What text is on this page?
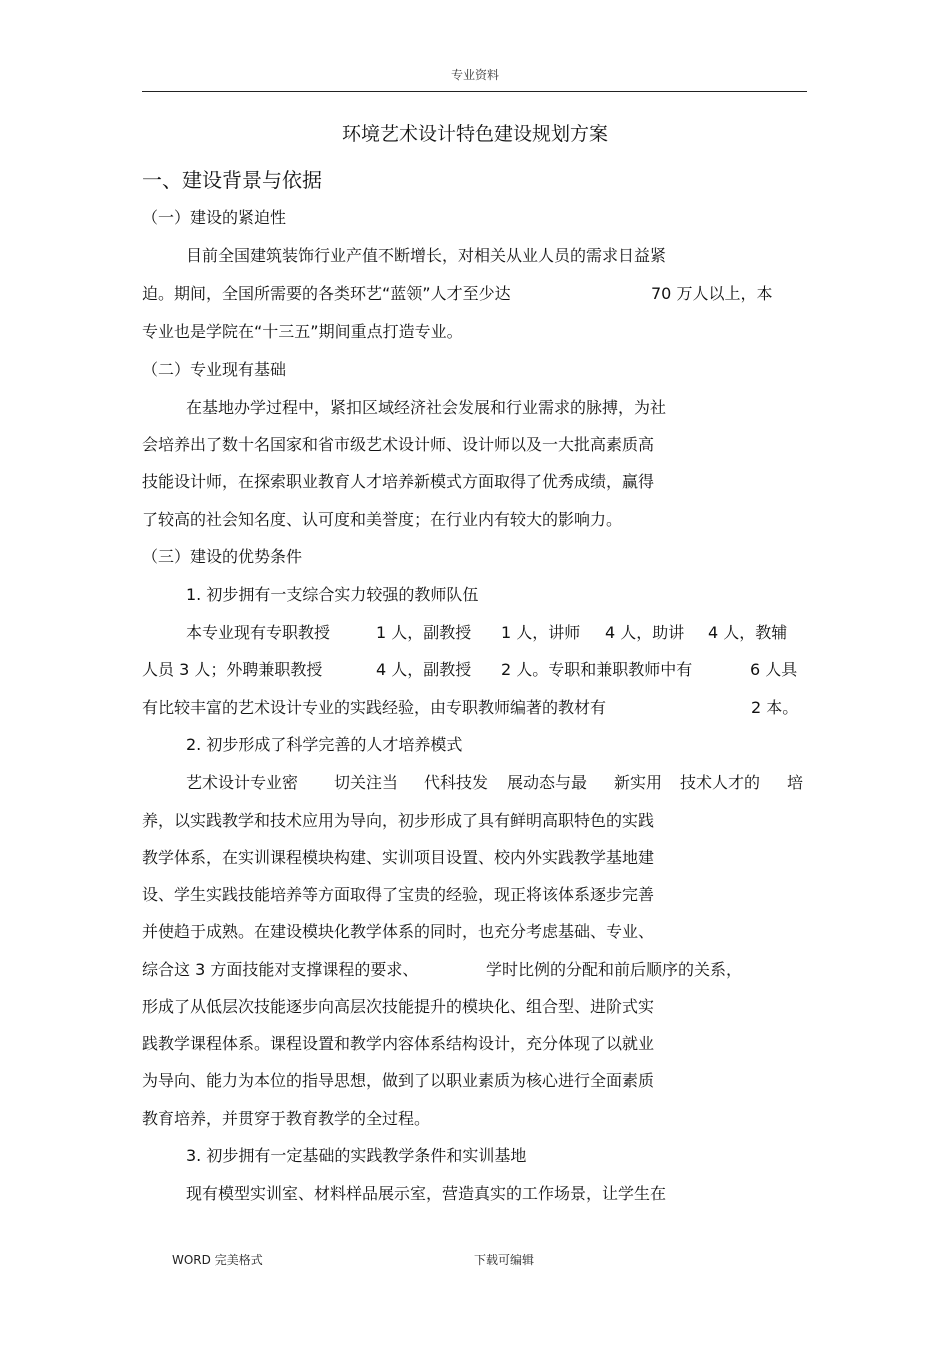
专业资料
环境艺术设计特色建设规划方案
一、建设背景与依据
（一）建设的紧迫性
目前全国建筑装饰行业产值不断增长，对相关从业人员的需求日益紧
迫。期间，全国所需要的各类环艺“蓝领”人才至少达	70 万人以上，本
专业也是学院在“十三五”期间重点打造专业。
（二）专业现有基础
在基地办学过程中，紧扣区域经济社会发展和行业需求的脉搏，为社
会培养出了数十名国家和省市级艺术设计师、设计师以及一大批高素质高
技能设计师，在探索职业教育人才培养新模式方面取得了优秀成绩，赢得
了较高的社会知名度、认可度和美誉度；在行业内有较大的影响力。
（三）建设的优势条件
1. 初步拥有一支综合实力较强的教师队伍
本专业现有专职教授	1 人，副教授 1 人，讲师 4 人，助讲 4 人，教辅
人员 3 人；外聘兼职教授	4 人，副教授 2 人。专职和兼职教师中有	6 人具
有比较丰富的艺术设计专业的实践经验，由专职教师编著的教材有	2 本。
2. 初步形成了科学完善的人才培养模式
艺术设计专业密 切关注当 代科技发 展动态与最 新实用 技术人才的 培
养，以实践教学和技术应用为导向，初步形成了具有鲜明高职特色的实践
教学体系，在实训课程模块构建、实训项目设置、校内外实践教学基地建
设、学生实践技能培养等方面取得了宝贵的经验，现正将该体系逐步完善
并使趋于成熟。在建设模块化教学体系的同时，也充分考虑基础、专业、
综合这 3 方面技能对支撑课程的要求、	学时比例的分配和前后顺序的关系，
形成了从低层次技能逐步向高层次技能提升的模块化、组合型、进阶式实
践教学课程体系。课程设置和教学内容体系结构设计，充分体现了以就业
为导向、能力为本位的指导思想，做到了以职业素质为核心进行全面素质
教育培养，并贯穿于教育教学的全过程。
3. 初步拥有一定基础的实践教学条件和实训基地
现有模型实训室、材料样品展示室，营造真实的工作场景，让学生在
WORD 完美格式	下载可编辑
